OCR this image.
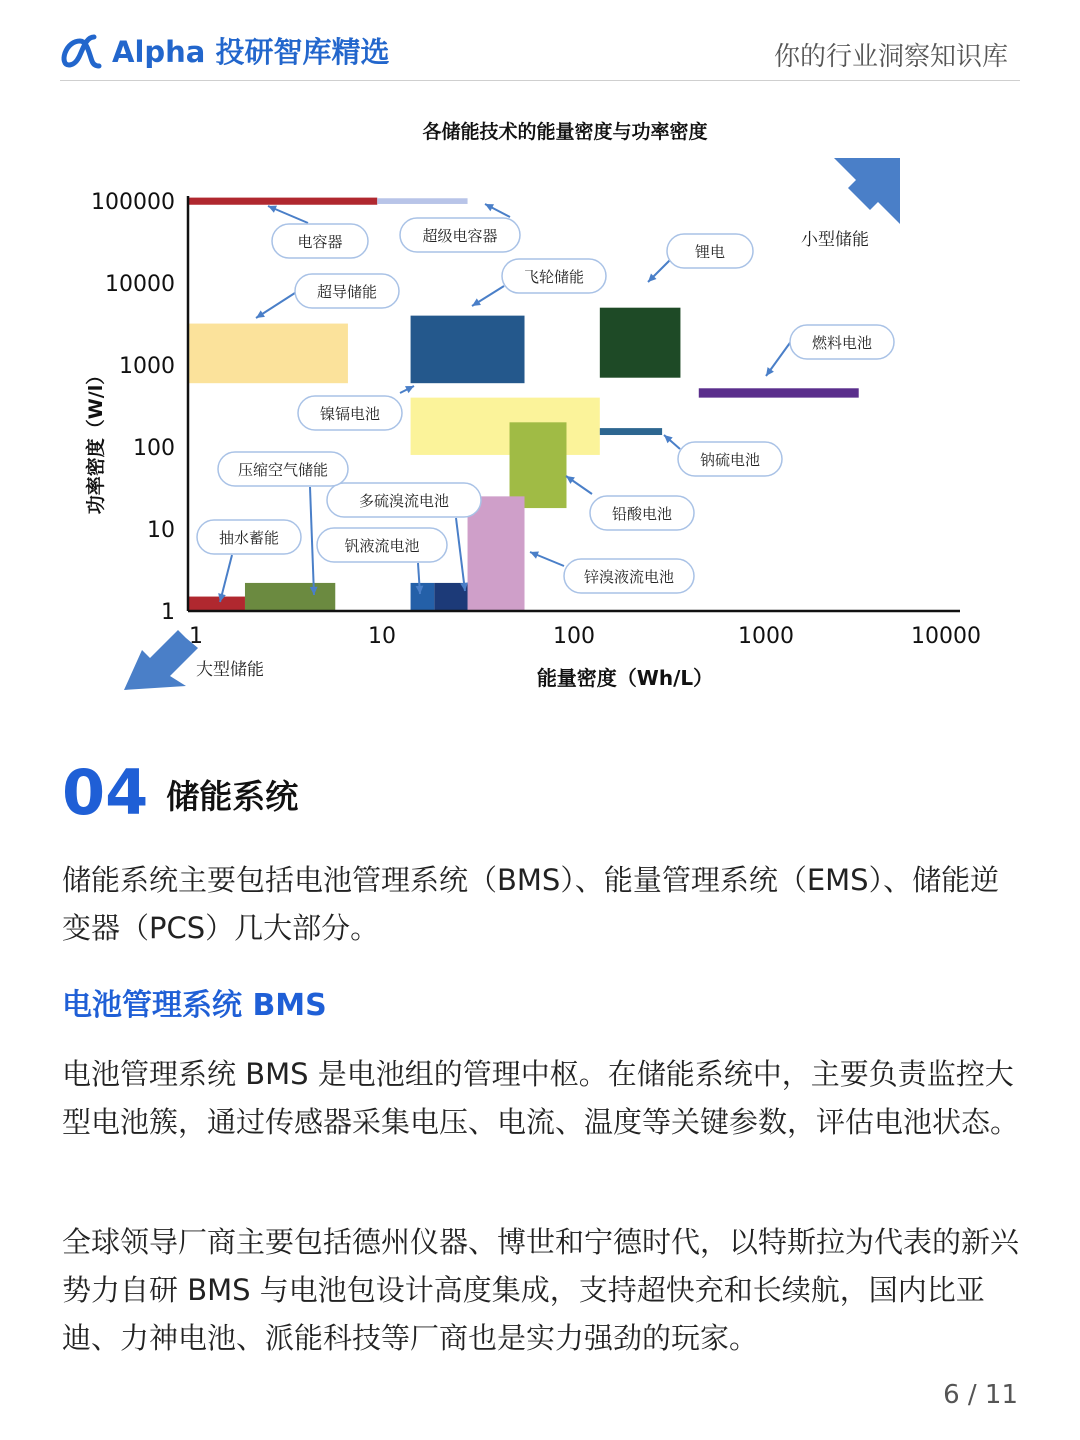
Alpha 投研智库精选	你的行业洞察知识库
各储能技术的能量密度与功率密度
1
10
100
1000
10000
100000
1	10	100	1000	10000
能量密度（Wh/L）
功率密度（W/l）
小型储能
大型储能
电容器	超级电容器
超导储能
飞轮储能
锂电
燃料电池
镍镉电池
钠硫电池
铅酸电池
锌溴液流电池
多硫溴流电池
钒液流电池
压缩空气储能
抽水蓄能
04 储能系统

储能系统主要包括电池管理系统（BMS）、能量管理系统（EMS）、储能逆变器（PCS）几大部分。

电池管理系统 BMS

电池管理系统 BMS 是电池组的管理中枢。在储能系统中，主要负责监控大型电池簇，通过传感器采集电压、电流、温度等关键参数，评估电池状态。

全球领导厂商主要包括德州仪器、博世和宁德时代，以特斯拉为代表的新兴势力自研 BMS 与电池包设计高度集成，支持超快充和长续航，国内比亚迪、力神电池、派能科技等厂商也是实力强劲的玩家。

6 / 11
